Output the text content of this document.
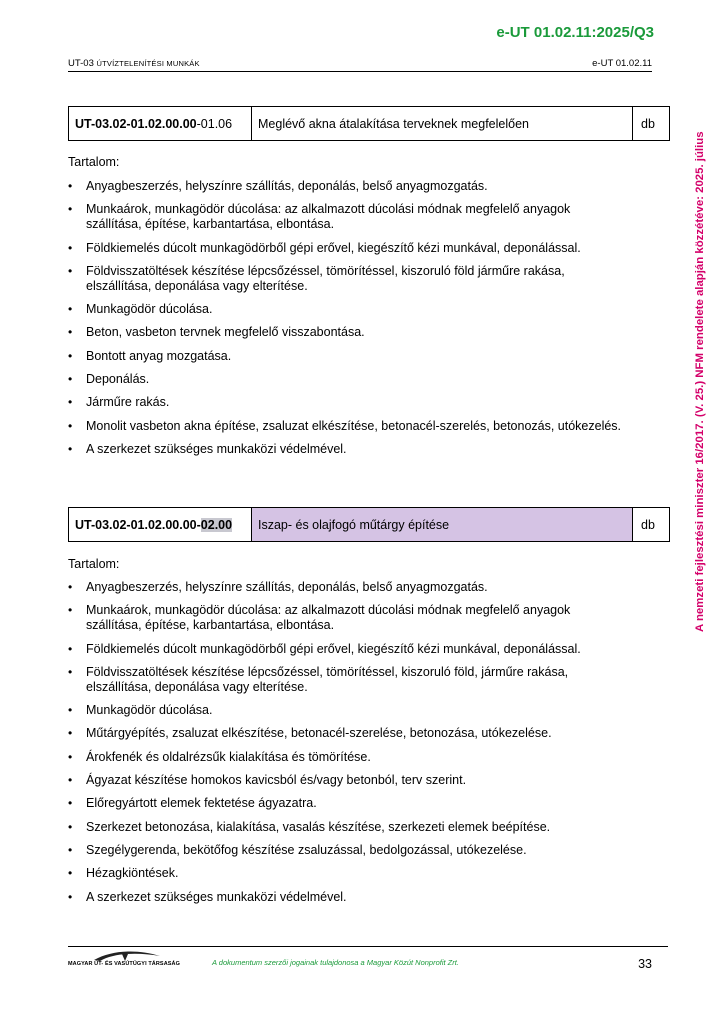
e-UT 01.02.11:2025/Q3
UT-03 ÚTVÍZTELENÍTÉSI MUNKÁK	e-UT 01.02.11
A nemzeti fejlesztési miniszter 16/2017. (V. 25.) NFM rendelete alapján közzétéve: 2025. július
UT-03.02-01.02.00.00-01.06	Meglévő akna átalakítása terveknek megfelelően	db
Tartalom:
• Anyagbeszerzés, helyszínre szállítás, deponálás, belső anyagmozgatás.
• Munkaárok, munkagödör dúcolása: az alkalmazott dúcolási módnak megfelelő anyagok szállítása, építése, karbantartása, elbontása.
• Földkiemelés dúcolt munkagödörből gépi erővel, kiegészítő kézi munkával, deponálással.
• Földvisszatöltések készítése lépcsőzéssel, tömörítéssel, kiszoruló föld járműre rakása, elszállítása, deponálása vagy elterítése.
• Munkagödör dúcolása.
• Beton, vasbeton tervnek megfelelő visszabontása.
• Bontott anyag mozgatása.
• Deponálás.
• Járműre rakás.
• Monolit vasbeton akna építése, zsaluzat elkészítése, betonacél-szerelés, betonozás, utókezelés.
• A szerkezet szükséges munkaközi védelmével.
UT-03.02-01.02.00.00-02.00	Iszap- és olajfogó műtárgy építése	db
Tartalom:
• Anyagbeszerzés, helyszínre szállítás, deponálás, belső anyagmozgatás.
• Munkaárok, munkagödör dúcolása: az alkalmazott dúcolási módnak megfelelő anyagok szállítása, építése, karbantartása, elbontása.
• Földkiemelés dúcolt munkagödörből gépi erővel, kiegészítő kézi munkával, deponálással.
• Földvisszatöltések készítése lépcsőzéssel, tömörítéssel, kiszoruló föld, járműre rakása, elszállítása, deponálása vagy elterítése.
• Munkagödör dúcolása.
• Műtárgyépítés, zsaluzat elkészítése, betonacél-szerelése, betonozása, utókezelése.
• Árokfenék és oldalrézsűk kialakítása és tömörítése.
• Ágyazat készítése homokos kavicsból és/vagy betonból, terv szerint.
• Előregyártott elemek fektetése ágyazatra.
• Szerkezet betonozása, kialakítása, vasalás készítése, szerkezeti elemek beépítése.
• Szegélygerenda, bekötőfog készítése zsaluzással, bedolgozással, utókezelése.
• Hézagkiöntések.
• A szerkezet szükséges munkaközi védelmével.
MAGYAR ÚT- ÉS VASÚTÜGYI TÁRSASÁG	A dokumentum szerzői jogainak tulajdonosa a Magyar Közút Nonprofit Zrt.	33
